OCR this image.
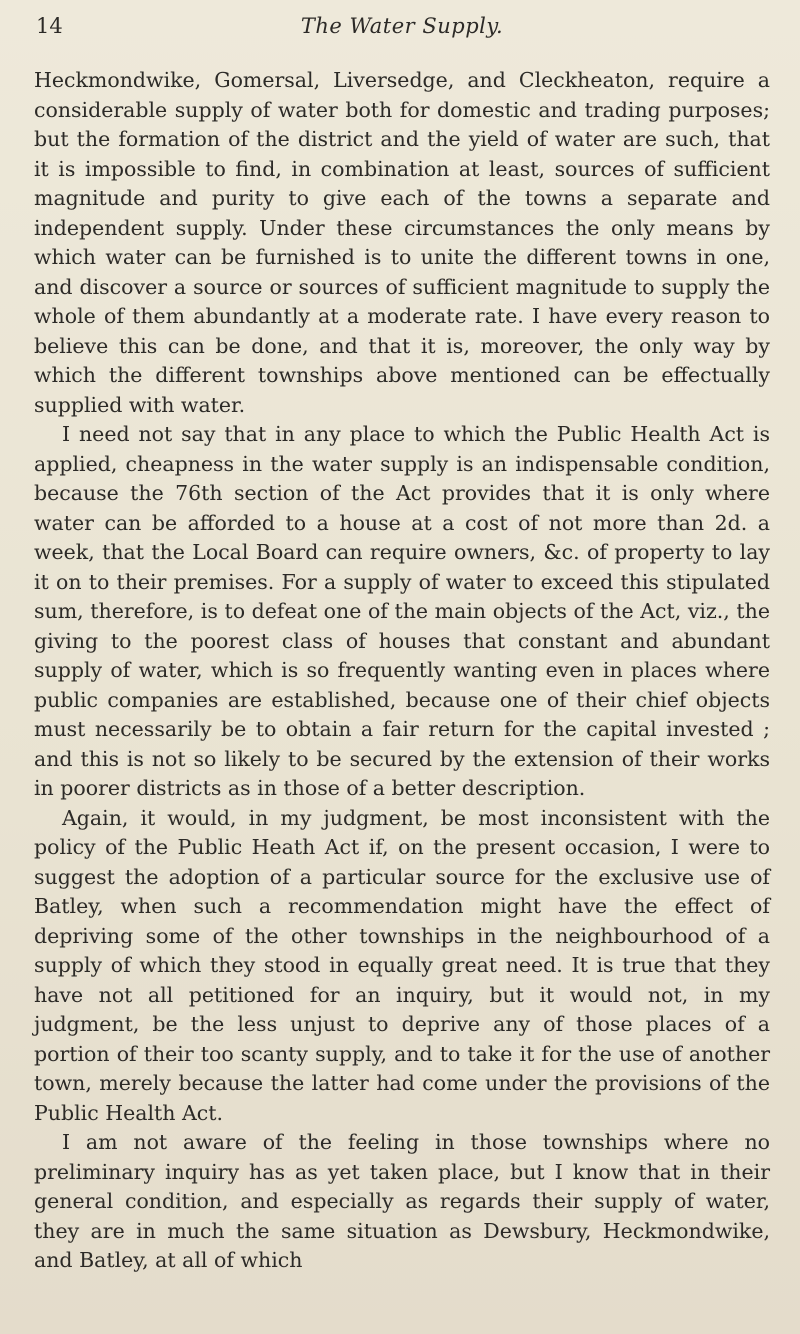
14	The Water Supply.

Heckmondwike, Gomersal, Liversedge, and Cleckheaton, require a considerable supply of water both for domestic and trading purposes; but the formation of the district and the yield of water are such, that it is impossible to find, in combination at least, sources of sufficient magnitude and purity to give each of the towns a separate and independent supply. Under these circumstances the only means by which water can be furnished is to unite the different towns in one, and discover a source or sources of sufficient magnitude to supply the whole of them abundantly at a moderate rate. I have every reason to believe this can be done, and that it is, moreover, the only way by which the different townships above mentioned can be effectually supplied with water.

I need not say that in any place to which the Public Health Act is applied, cheapness in the water supply is an indispensable condition, because the 76th section of the Act provides that it is only where water can be afforded to a house at a cost of not more than 2d. a week, that the Local Board can require owners, &c. of property to lay it on to their premises. For a supply of water to exceed this stipulated sum, therefore, is to defeat one of the main objects of the Act, viz., the giving to the poorest class of houses that constant and abundant supply of water, which is so frequently wanting even in places where public companies are established, because one of their chief objects must necessarily be to obtain a fair return for the capital invested ; and this is not so likely to be secured by the extension of their works in poorer districts as in those of a better description.

Again, it would, in my judgment, be most inconsistent with the policy of the Public Heath Act if, on the present occasion, I were to suggest the adoption of a particular source for the exclusive use of Batley, when such a recommendation might have the effect of depriving some of the other townships in the neighbourhood of a supply of which they stood in equally great need. It is true that they have not all petitioned for an inquiry, but it would not, in my judgment, be the less unjust to deprive any of those places of a portion of their too scanty supply, and to take it for the use of another town, merely because the latter had come under the provisions of the Public Health Act.

I am not aware of the feeling in those townships where no preliminary inquiry has as yet taken place, but I know that in their general condition, and especially as regards their supply of water, they are in much the same situation as Dewsbury, Heckmondwike, and Batley, at all of which
